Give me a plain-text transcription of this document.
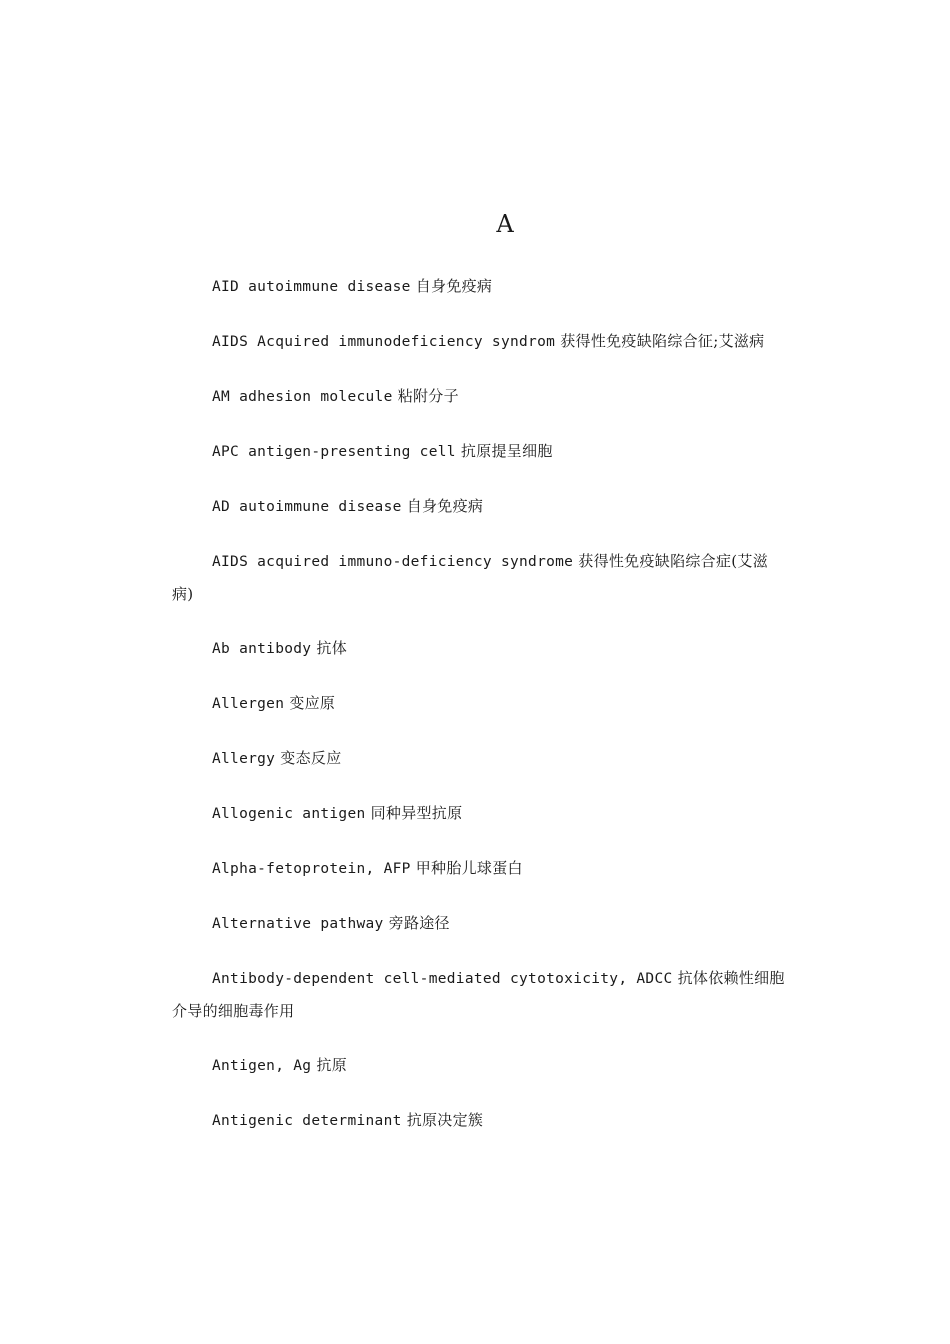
A
AID autoimmune disease 自身免疫病
AIDS Acquired immunodeficiency syndrom 获得性免疫缺陷综合征;艾滋病
AM adhesion molecule 粘附分子
APC antigen-presenting cell 抗原提呈细胞
AD autoimmune disease 自身免疫病
AIDS acquired immuno-deficiency syndrome 获得性免疫缺陷综合症(艾滋病)
Ab antibody 抗体
Allergen 变应原
Allergy 变态反应
Allogenic antigen 同种异型抗原
Alpha-fetoprotein, AFP 甲种胎儿球蛋白
Alternative pathway 旁路途径
Antibody-dependent cell-mediated cytotoxicity, ADCC 抗体依赖性细胞介导的细胞毒作用
Antigen, Ag 抗原
Antigenic determinant 抗原决定簇
